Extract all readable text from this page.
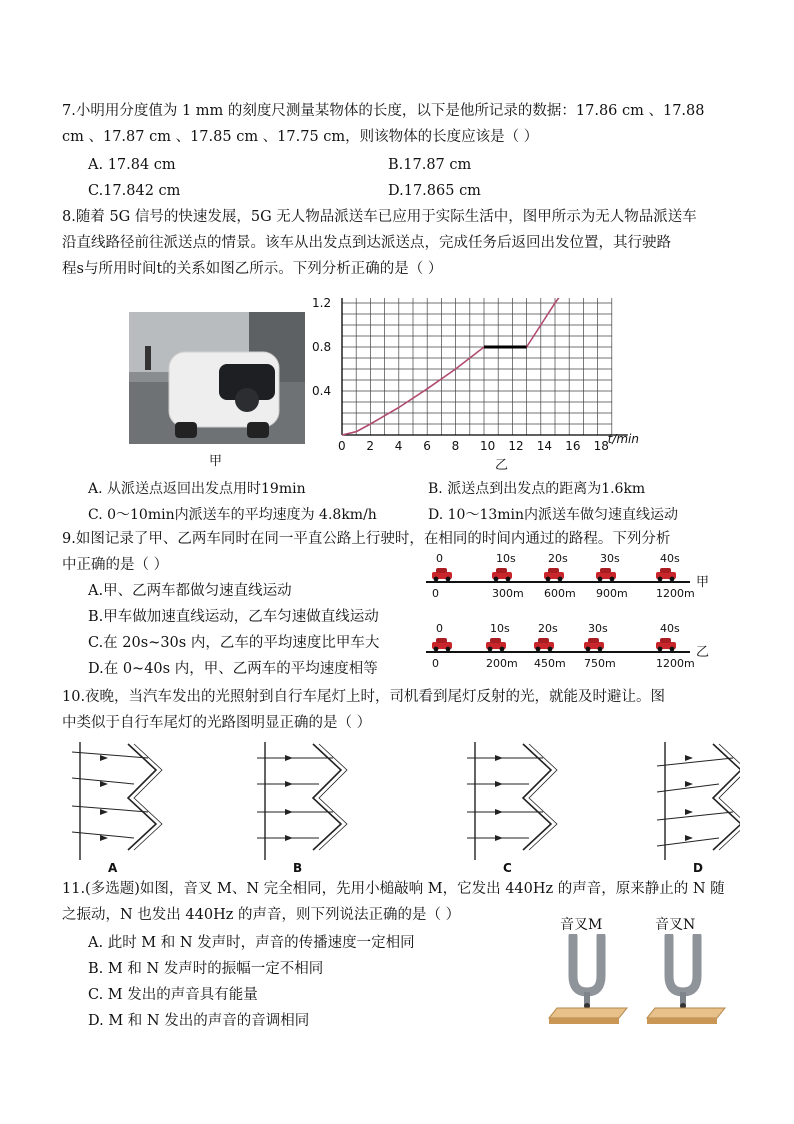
7.小明用分度值为 1 mm 的刻度尺测量某物体的长度，以下是他所记录的数据：17.86 cm 、17.88
cm 、17.87 cm 、17.85 cm 、17.75 cm，则该物体的长度应该是（ ）
A. 17.84 cm	B.17.87 cm
C.17.842 cm	D.17.865 cm
8.随着 5G 信号的快速发展，5G 无人物品派送车已应用于实际生活中，图甲所示为无人物品派送车
沿直线路径前往派送点的情景。该车从出发点到达派送点，完成任务后返回出发位置，其行驶路
程s与所用时间t的关系如图乙所示。下列分析正确的是（ ）
甲
0 2 4 6 8 10 12 14 16 18
0.4
0.8
1.2
t/min
乙
A. 从派送点返回出发点用时19min	B. 派送点到出发点的距离为1.6km
C. 0～10min内派送车的平均速度为 4.8km/h	D. 10～13min内派送车做匀速直线运动
9.如图记录了甲、乙两车同时在同一平直公路上行驶时，在相同的时间内通过的路程。下列分析
中正确的是（ ）
A.甲、乙两车都做匀速直线运动
B.甲车做加速直线运动，乙车匀速做直线运动
C.在 20s~30s 内，乙车的平均速度比甲车大
D.在 0~40s 内，甲、乙两车的平均速度相等
0	10s	20s	30s	40s
0	300m 600m 900m	1200m
甲
0	10s	20s	30s	40s
0	200m 450m 750m	1200m
乙
10.夜晚，当汽车发出的光照射到自行车尾灯上时，司机看到尾灯反射的光，就能及时避让。图
中类似于自行车尾灯的光路图明显正确的是（ ）
A	B	C	D
11.(多选题)如图，音叉 M、N 完全相同，先用小槌敲响 M，它发出 440Hz 的声音，原来静止的 N 随
之振动，N 也发出 440Hz 的声音，则下列说法正确的是（ ）
A. 此时 M 和 N 发声时，声音的传播速度一定相同
B. M 和 N 发声时的振幅一定不相同
C. M 发出的声音具有能量
D. M 和 N 发出的声音的音调相同
音叉M	音叉N
